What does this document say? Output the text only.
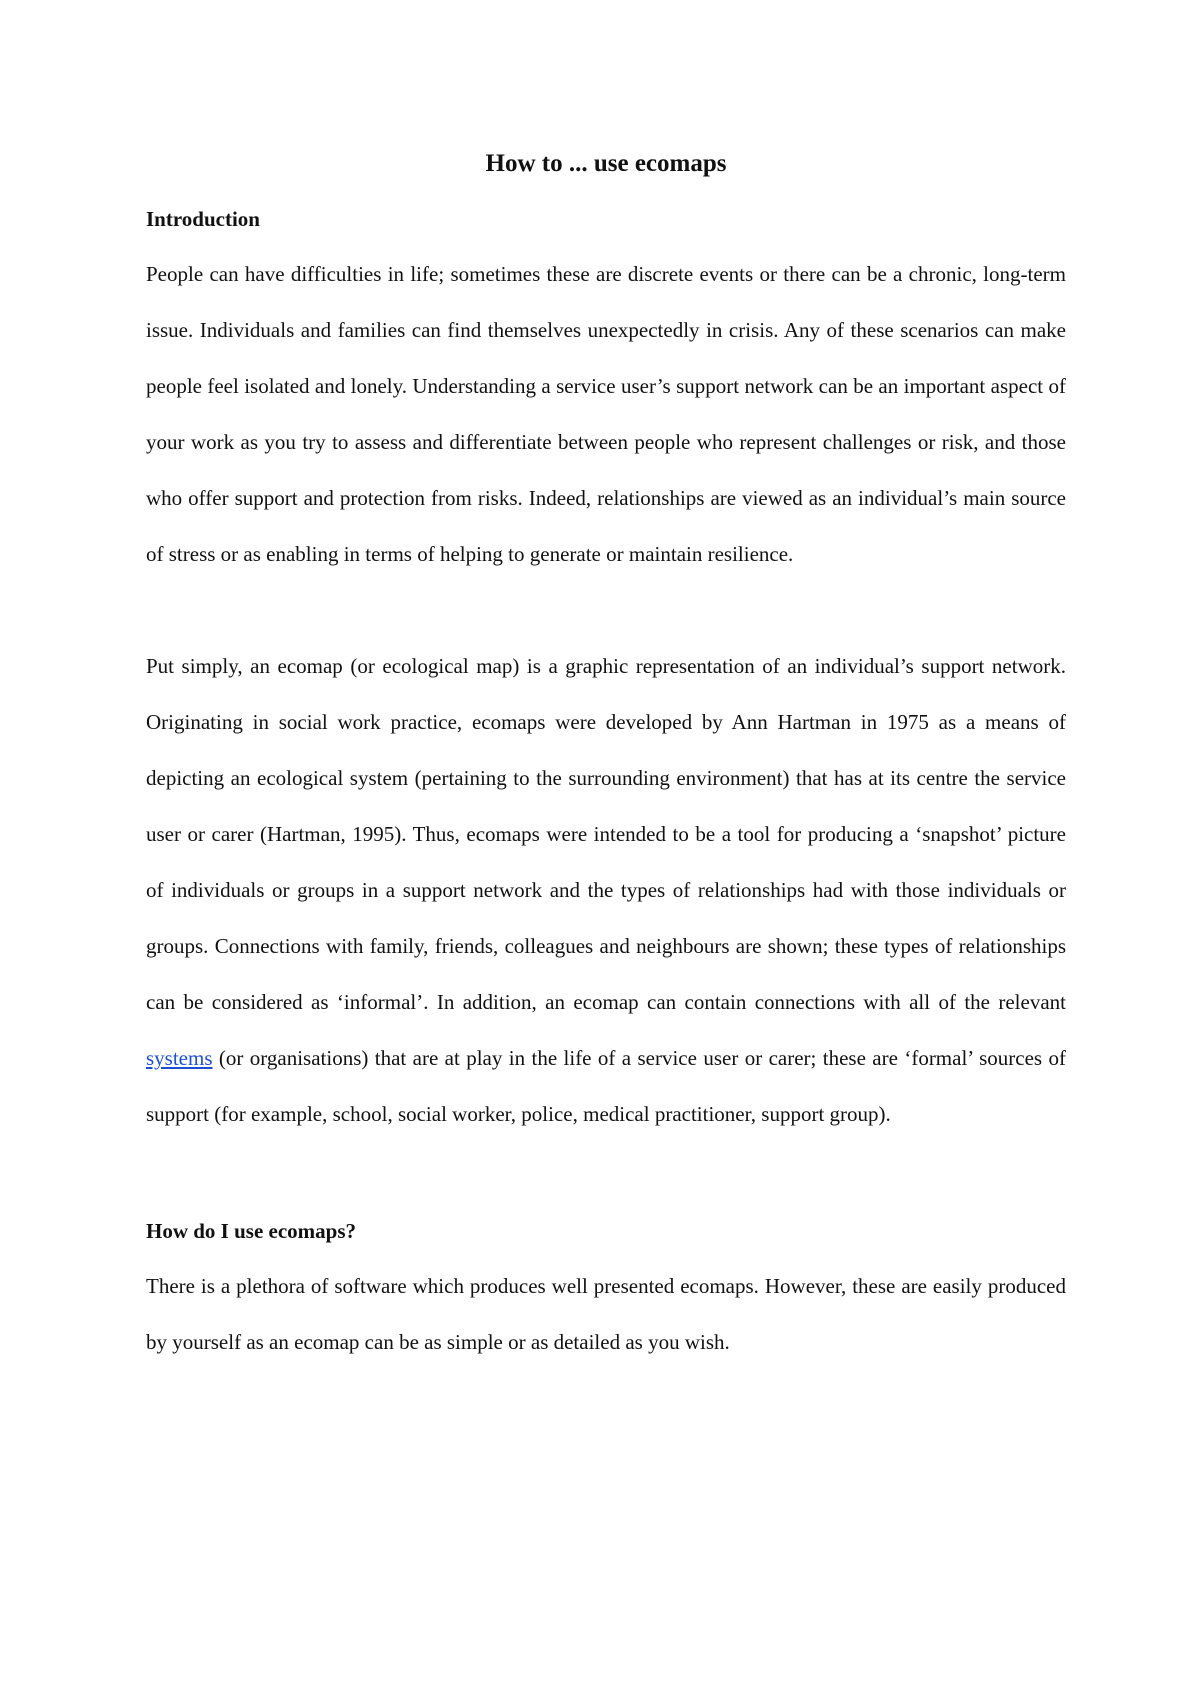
How to ... use ecomaps
Introduction

People can have difficulties in life; sometimes these are discrete events or there can be a chronic, long-term issue. Individuals and families can find themselves unexpectedly in crisis. Any of these scenarios can make people feel isolated and lonely. Understanding a service user’s support network can be an important aspect of your work as you try to assess and differentiate between people who represent challenges or risk, and those who offer support and protection from risks. Indeed, relationships are viewed as an individual’s main source of stress or as enabling in terms of helping to generate or maintain resilience.

Put simply, an ecomap (or ecological map) is a graphic representation of an individual’s support network. Originating in social work practice, ecomaps were developed by Ann Hartman in 1975 as a means of depicting an ecological system (pertaining to the surrounding environment) that has at its centre the service user or carer (Hartman, 1995). Thus, ecomaps were intended to be a tool for producing a ‘snapshot’ picture of individuals or groups in a support network and the types of relationships had with those individuals or groups. Connections with family, friends, colleagues and neighbours are shown; these types of relationships can be considered as ‘informal’. In addition, an ecomap can contain connections with all of the relevant systems (or organisations) that are at play in the life of a service user or carer; these are ‘formal’ sources of support (for example, school, social worker, police, medical practitioner, support group).

How do I use ecomaps?

There is a plethora of software which produces well presented ecomaps. However, these are easily produced by yourself as an ecomap can be as simple or as detailed as you wish.
